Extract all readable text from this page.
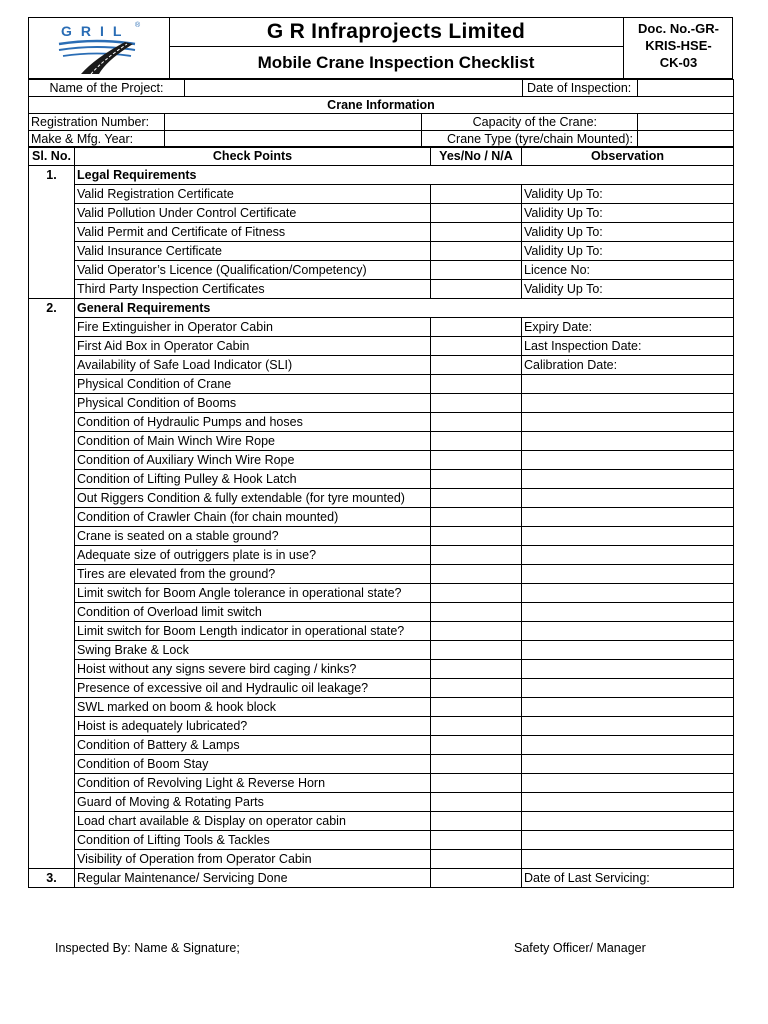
GRIL ®	G R Infraprojects Limited
Mobile Crane Inspection Checklist
Doc. No.-GR-
KRIS-HSE-
CK-03
Name of the Project:				Date of Inspection:	
Crane Information					
Registration Number:			Capacity of the Crane:		
Make & Mfg. Year:			Crane Type (tyre/chain Mounted):		
Sl. No.	Check Points	Yes/No / N/A	Observation
1.	Legal Requirements		
	Valid Registration Certificate		Validity Up To:
	Valid Pollution Under Control Certificate		Validity Up To:
	Valid Permit and Certificate of Fitness		Validity Up To:
	Valid Insurance Certificate		Validity Up To:
	Valid Operator’s Licence (Qualification/Competency)		Licence No:
	Third Party Inspection Certificates		Validity Up To:
2.	General Requirements		
	Fire Extinguisher in Operator Cabin		Expiry Date:
	First Aid Box in Operator Cabin		Last Inspection Date:
	Availability of Safe Load Indicator (SLI)		Calibration Date:
	Physical Condition of Crane		
	Physical Condition of Booms		
	Condition of Hydraulic Pumps and hoses		
	Condition of Main Winch Wire Rope		
	Condition of Auxiliary Winch Wire Rope		
	Condition of Lifting Pulley & Hook Latch		
	Out Riggers Condition & fully extendable (for tyre mounted)		
	Condition of Crawler Chain (for chain mounted)		
	Crane is seated on a stable ground?		
	Adequate size of outriggers plate is in use?		
	Tires are elevated from the ground?		
	Limit switch for Boom Angle tolerance in operational state?		
	Condition of Overload limit switch		
	Limit switch for Boom Length indicator in operational state?		
	Swing Brake & Lock		
	Hoist without any signs severe bird caging / kinks?		
	Presence of excessive oil and Hydraulic oil leakage?		
	SWL marked on boom & hook block		
	Hoist is adequately lubricated?		
	Condition of Battery & Lamps		
	Condition of Boom Stay		
	Condition of Revolving Light & Reverse Horn		
	Guard of Moving & Rotating Parts		
	Load chart available & Display on operator cabin		
	Condition of Lifting Tools & Tackles		
	Visibility of Operation from Operator Cabin		
3.	Regular Maintenance/ Servicing Done		Date of Last Servicing:
Inspected By: Name & Signature;	Safety Officer/ Manager
